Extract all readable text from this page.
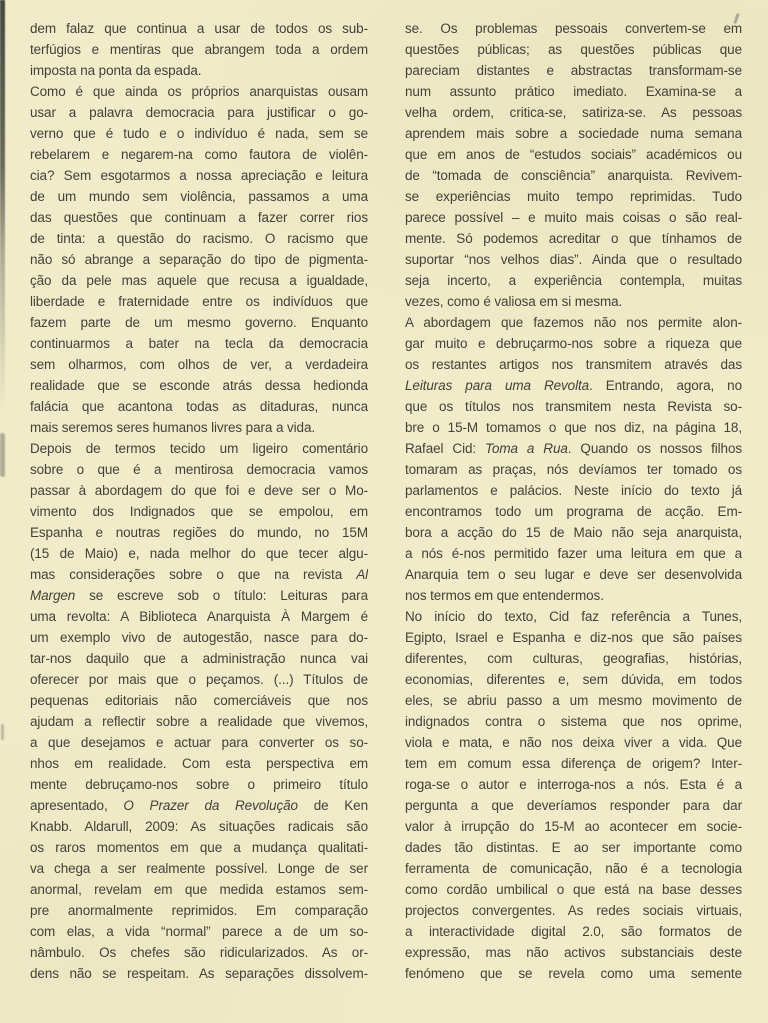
dem falaz que continua a usar de todos os sub-
terfúgios e mentiras que abrangem toda a ordem
imposta na ponta da espada.
Como é que ainda os próprios anarquistas ousam
usar a palavra democracia para justificar o go-
verno que é tudo e o indivíduo é nada, sem se
rebelarem e negarem-na como fautora de violên-
cia? Sem esgotarmos a nossa apreciação e leitura
de um mundo sem violência, passamos a uma
das questões que continuam a fazer correr rios
de tinta: a questão do racismo. O racismo que
não só abrange a separação do tipo de pigmenta-
ção da pele mas aquele que recusa a igualdade,
liberdade e fraternidade entre os indivíduos que
fazem parte de um mesmo governo. Enquanto
continuarmos a bater na tecla da democracia
sem olharmos, com olhos de ver, a verdadeira
realidade que se esconde atrás dessa hedionda
falácia que acantona todas as ditaduras, nunca
mais seremos seres humanos livres para a vida.
Depois de termos tecido um ligeiro comentário
sobre o que é a mentirosa democracia vamos
passar à abordagem do que foi e deve ser o Mo-
vimento dos Indignados que se empolou, em
Espanha e noutras regiões do mundo, no 15M
(15 de Maio) e, nada melhor do que tecer algu-
mas considerações sobre o que na revista Al
Margen se escreve sob o título: Leituras para
uma revolta: A Biblioteca Anarquista À Margem é
um exemplo vivo de autogestão, nasce para do-
tar-nos daquilo que a administração nunca vai
oferecer por mais que o peçamos. (...) Títulos de
pequenas editoriais não comerciáveis que nos
ajudam a reflectir sobre a realidade que vivemos,
a que desejamos e actuar para converter os so-
nhos em realidade. Com esta perspectiva em
mente debruçamo-nos sobre o primeiro título
apresentado, O Prazer da Revolução de Ken
Knabb. Aldarull, 2009: As situações radicais são
os raros momentos em que a mudança qualitati-
va chega a ser realmente possível. Longe de ser
anormal, revelam em que medida estamos sem-
pre anormalmente reprimidos. Em comparação
com elas, a vida “normal” parece a de um so-
nâmbulo. Os chefes são ridicularizados. As or-
dens não se respeitam. As separações dissolvem-
se. Os problemas pessoais convertem-se em
questões públicas; as questões públicas que
pareciam distantes e abstractas transformam-se
num assunto prático imediato. Examina-se a
velha ordem, critica-se, satiriza-se. As pessoas
aprendem mais sobre a sociedade numa semana
que em anos de “estudos sociais” académicos ou
de “tomada de consciência” anarquista. Revivem-
se experiências muito tempo reprimidas. Tudo
parece possível – e muito mais coisas o são real-
mente. Só podemos acreditar o que tínhamos de
suportar “nos velhos dias”. Ainda que o resultado
seja incerto, a experiência contempla, muitas
vezes, como é valiosa em si mesma.
A abordagem que fazemos não nos permite alon-
gar muito e debruçarmo-nos sobre a riqueza que
os restantes artigos nos transmitem através das
Leituras para uma Revolta. Entrando, agora, no
que os títulos nos transmitem nesta Revista so-
bre o 15-M tomamos o que nos diz, na página 18,
Rafael Cid: Toma a Rua. Quando os nossos filhos
tomaram as praças, nós devíamos ter tomado os
parlamentos e palácios. Neste início do texto já
encontramos todo um programa de acção. Em-
bora a acção do 15 de Maio não seja anarquista,
a nós é-nos permitido fazer uma leitura em que a
Anarquia tem o seu lugar e deve ser desenvolvida
nos termos em que entendermos.
No início do texto, Cid faz referência a Tunes,
Egipto, Israel e Espanha e diz-nos que são países
diferentes, com culturas, geografias, histórias,
economias, diferentes e, sem dúvida, em todos
eles, se abriu passo a um mesmo movimento de
indignados contra o sistema que nos oprime,
viola e mata, e não nos deixa viver a vida. Que
tem em comum essa diferença de origem? Inter-
roga-se o autor e interroga-nos a nós. Esta é a
pergunta a que deveríamos responder para dar
valor à irrupção do 15-M ao acontecer em socie-
dades tão distintas. E ao ser importante como
ferramenta de comunicação, não é a tecnologia
como cordão umbilical o que está na base desses
projectos convergentes. As redes sociais virtuais,
a interactividade digital 2.0, são formatos de
expressão, mas não activos substanciais deste
fenómeno que se revela como uma semente
